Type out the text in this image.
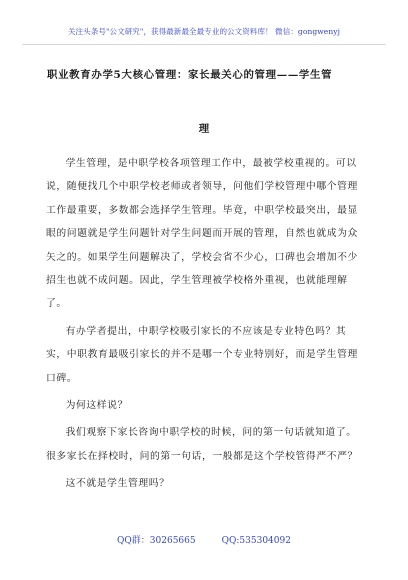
关注头条号"公文研究"，获得最新最全最专业的公文资料库！ 微信：gongwenyj
职业教育办学5大核心管理：家长最关心的管理——学生管
理

学生管理，是中职学校各项管理工作中，最被学校重视的。可以说，随便找几个中职学校老师或者领导，问他们学校管理中哪个管理工作最重要，多数都会选择学生管理。毕竟，中职学校最突出，最显眼的问题就是学生问题针对学生问题而开展的管理，自然也就成为众矢之的。如果学生问题解决了，学校会省不少心，口碑也会增加不少招生也就不成问题。因此，学生管理被学校格外重视，也就能理解了。

有办学者提出，中职学校吸引家长的不应该是专业特色吗？其实，中职教育最吸引家长的并不是哪一个专业特别好，而是学生管理口碑。

为何这样说？

我们观察下家长咨询中职学校的时候，问的第一句话就知道了。很多家长在择校时，问的第一句话，一般都是这个学校管得严不严？

这不就是学生管理吗？

QQ群：30265665	QQ:535304092
